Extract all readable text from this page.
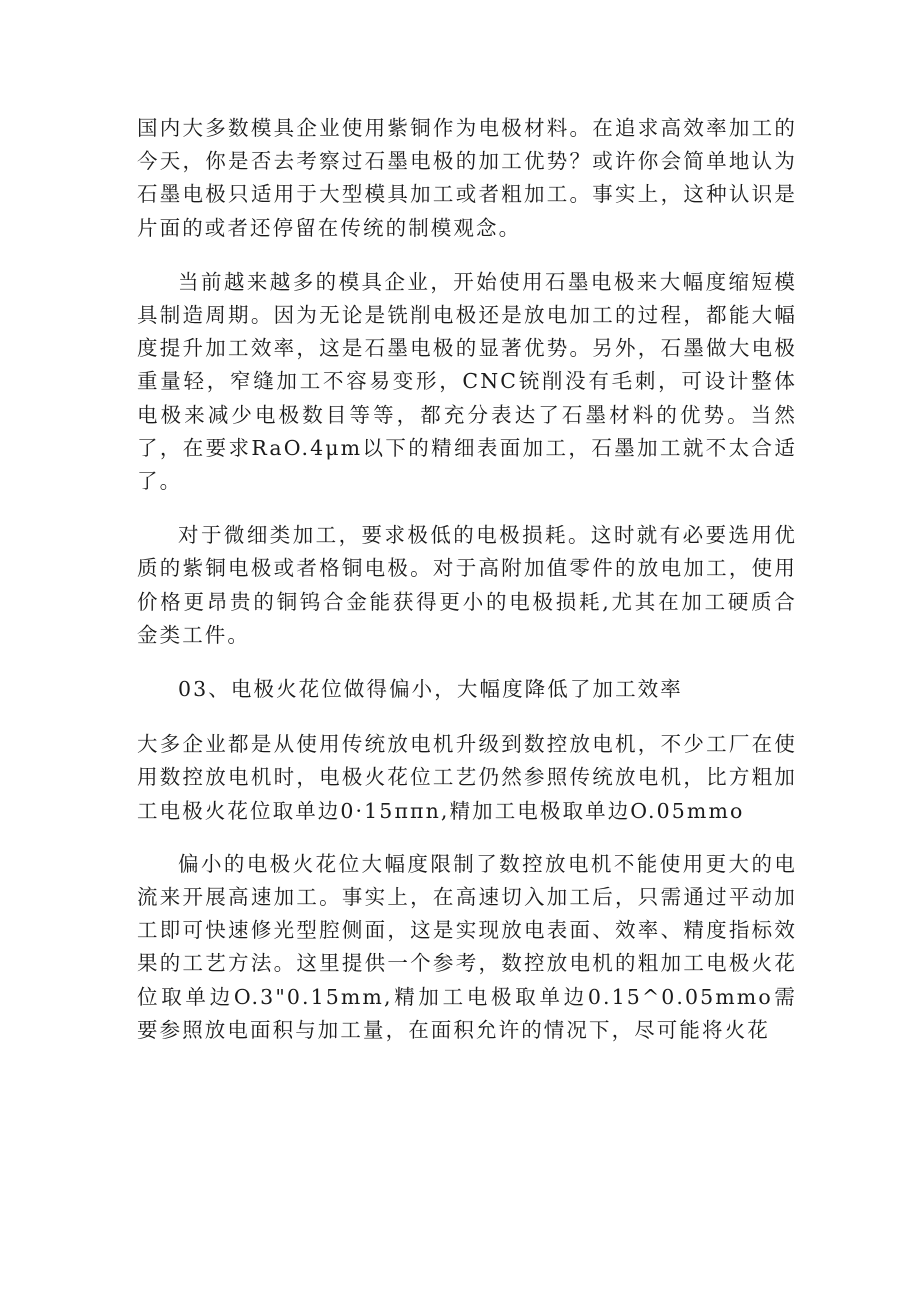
国内大多数模具企业使用紫铜作为电极材料。在追求高效率加工的今天，你是否去考察过石墨电极的加工优势？或许你会简单地认为石墨电极只适用于大型模具加工或者粗加工。事实上，这种认识是片面的或者还停留在传统的制模观念。

当前越来越多的模具企业，开始使用石墨电极来大幅度缩短模具制造周期。因为无论是铣削电极还是放电加工的过程，都能大幅度提升加工效率，这是石墨电极的显著优势。另外，石墨做大电极重量轻，窄缝加工不容易变形，CNC铳削没有毛刺，可设计整体电极来减少电极数目等等，都充分表达了石墨材料的优势。当然了，在要求RaO.4μm以下的精细表面加工，石墨加工就不太合适了。

对于微细类加工，要求极低的电极损耗。这时就有必要选用优质的紫铜电极或者格铜电极。对于高附加值零件的放电加工，使用价格更昂贵的铜钨合金能获得更小的电极损耗,尤其在加工硬质合金类工件。

03、电极火花位做得偏小，大幅度降低了加工效率

大多企业都是从使用传统放电机升级到数控放电机，不少工厂在使用数控放电机时，电极火花位工艺仍然参照传统放电机，比方粗加工电极火花位取单边0·15ππn,精加工电极取单边O.05mmo

偏小的电极火花位大幅度限制了数控放电机不能使用更大的电流来开展高速加工。事实上，在高速切入加工后，只需通过平动加工即可快速修光型腔侧面，这是实现放电表面、效率、精度指标效果的工艺方法。这里提供一个参考，数控放电机的粗加工电极火花位取单边O.3"0.15mm,精加工电极取单边0.15^0.05mmo需要参照放电面积与加工量，在面积允许的情况下，尽可能将火花
